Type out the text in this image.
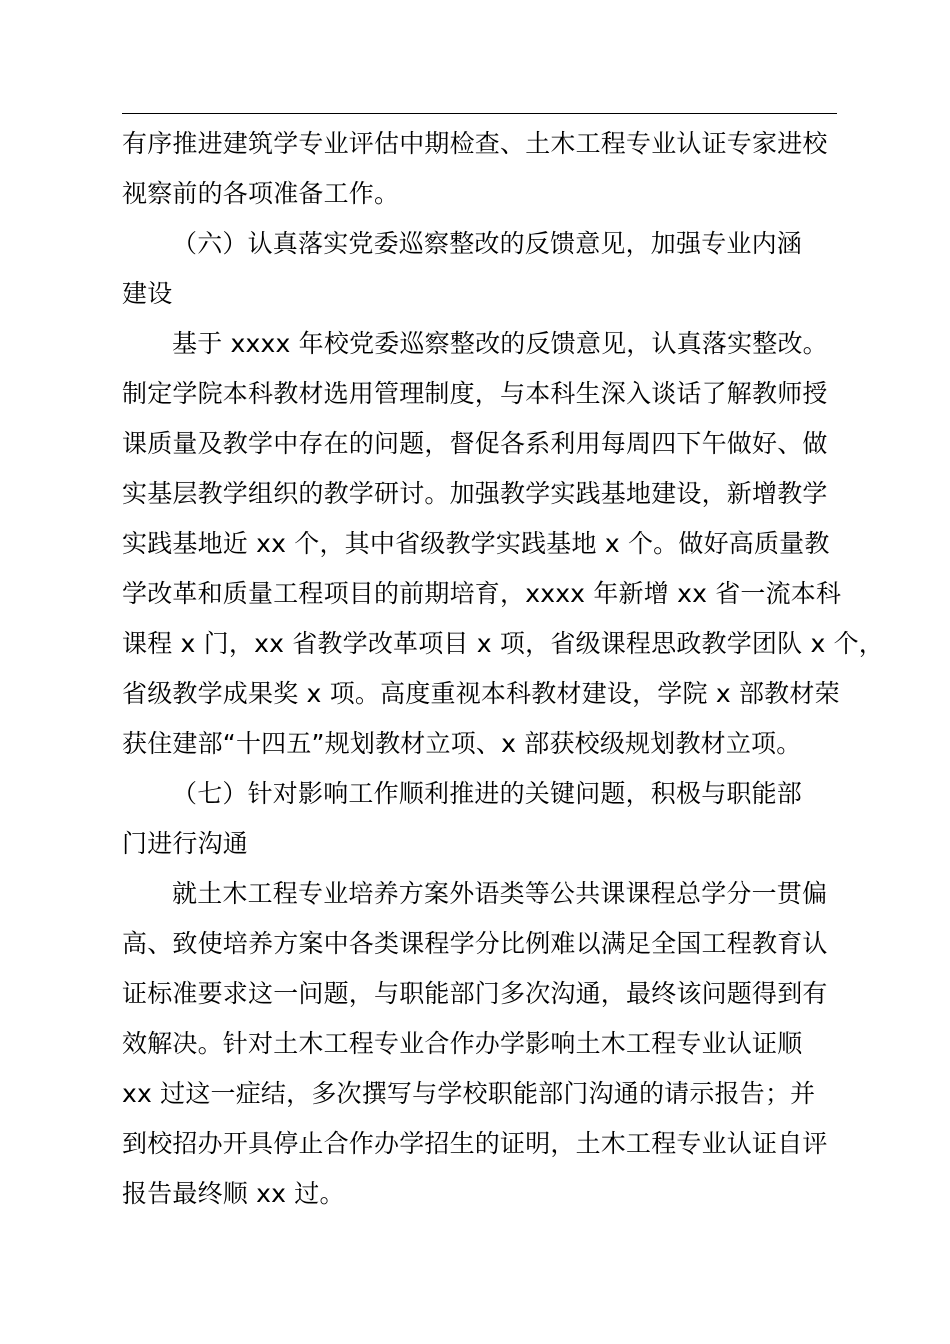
有序推进建筑学专业评估中期检查、土木工程专业认证专家进校
视察前的各项准备工作。
（六）认真落实党委巡察整改的反馈意见，加强专业内涵
建设
基于 xxxx 年校党委巡察整改的反馈意见，认真落实整改。
制定学院本科教材选用管理制度，与本科生深入谈话了解教师授
课质量及教学中存在的问题，督促各系利用每周四下午做好、做
实基层教学组织的教学研讨。加强教学实践基地建设，新增教学
实践基地近 xx 个，其中省级教学实践基地 x 个。做好高质量教
学改革和质量工程项目的前期培育，xxxx 年新增 xx 省一流本科
课程 x 门，xx 省教学改革项目 x 项，省级课程思政教学团队 x 个，
省级教学成果奖 x 项。高度重视本科教材建设，学院 x 部教材荣
获住建部“十四五”规划教材立项、x 部获校级规划教材立项。
（七）针对影响工作顺利推进的关键问题，积极与职能部
门进行沟通
就土木工程专业培养方案外语类等公共课课程总学分一贯偏
高、致使培养方案中各类课程学分比例难以满足全国工程教育认
证标准要求这一问题，与职能部门多次沟通，最终该问题得到有
效解决。针对土木工程专业合作办学影响土木工程专业认证顺
xx 过这一症结，多次撰写与学校职能部门沟通的请示报告；并
到校招办开具停止合作办学招生的证明，土木工程专业认证自评
报告最终顺 xx 过。
